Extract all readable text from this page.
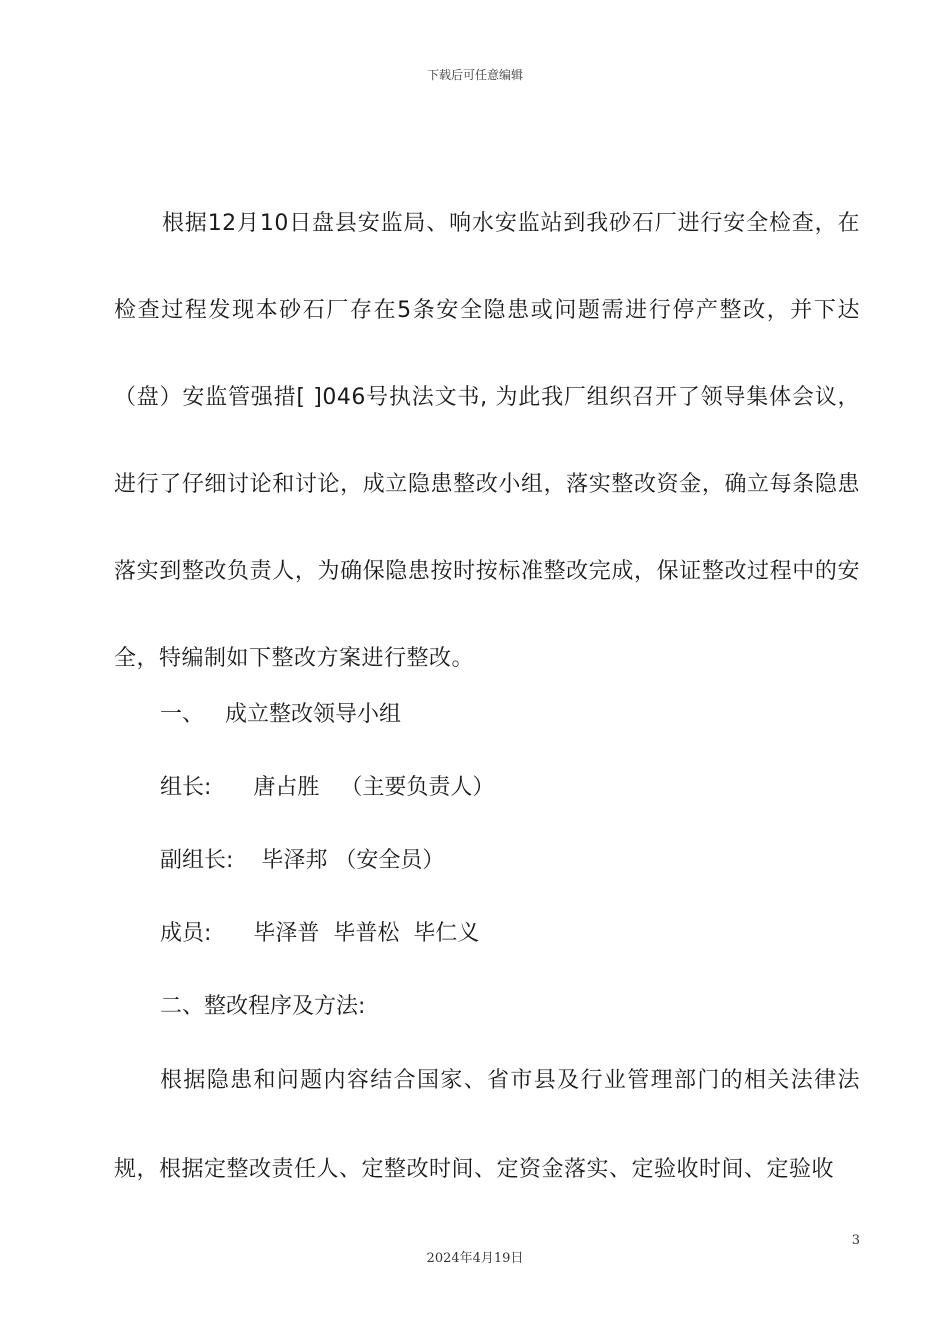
下载后可任意编辑

根据12月10日盘县安监局、响水安监站到我砂石厂进行安全检查，在检查过程发现本砂石厂存在5条安全隐患或问题需进行停产整改，并下达（盘）安监管强措[ ]046号执法文书, 为此我厂组织召开了领导集体会议，进行了仔细讨论和讨论，成立隐患整改小组，落实整改资金，确立每条隐患落实到整改负责人，为确保隐患按时按标准整改完成，保证整改过程中的安全，特编制如下整改方案进行整改。

一、   成立整改领导小组
组长:      唐占胜   （主要负责人）
副组长:    毕泽邦 （安全员）
成员:      毕泽普  毕普松  毕仁义
二、整改程序及方法:

根据隐患和问题内容结合国家、省市县及行业管理部门的相关法律法规，根据定整改责任人、定整改时间、定资金落实、定验收时间、定验收

3
2024年4月19日
